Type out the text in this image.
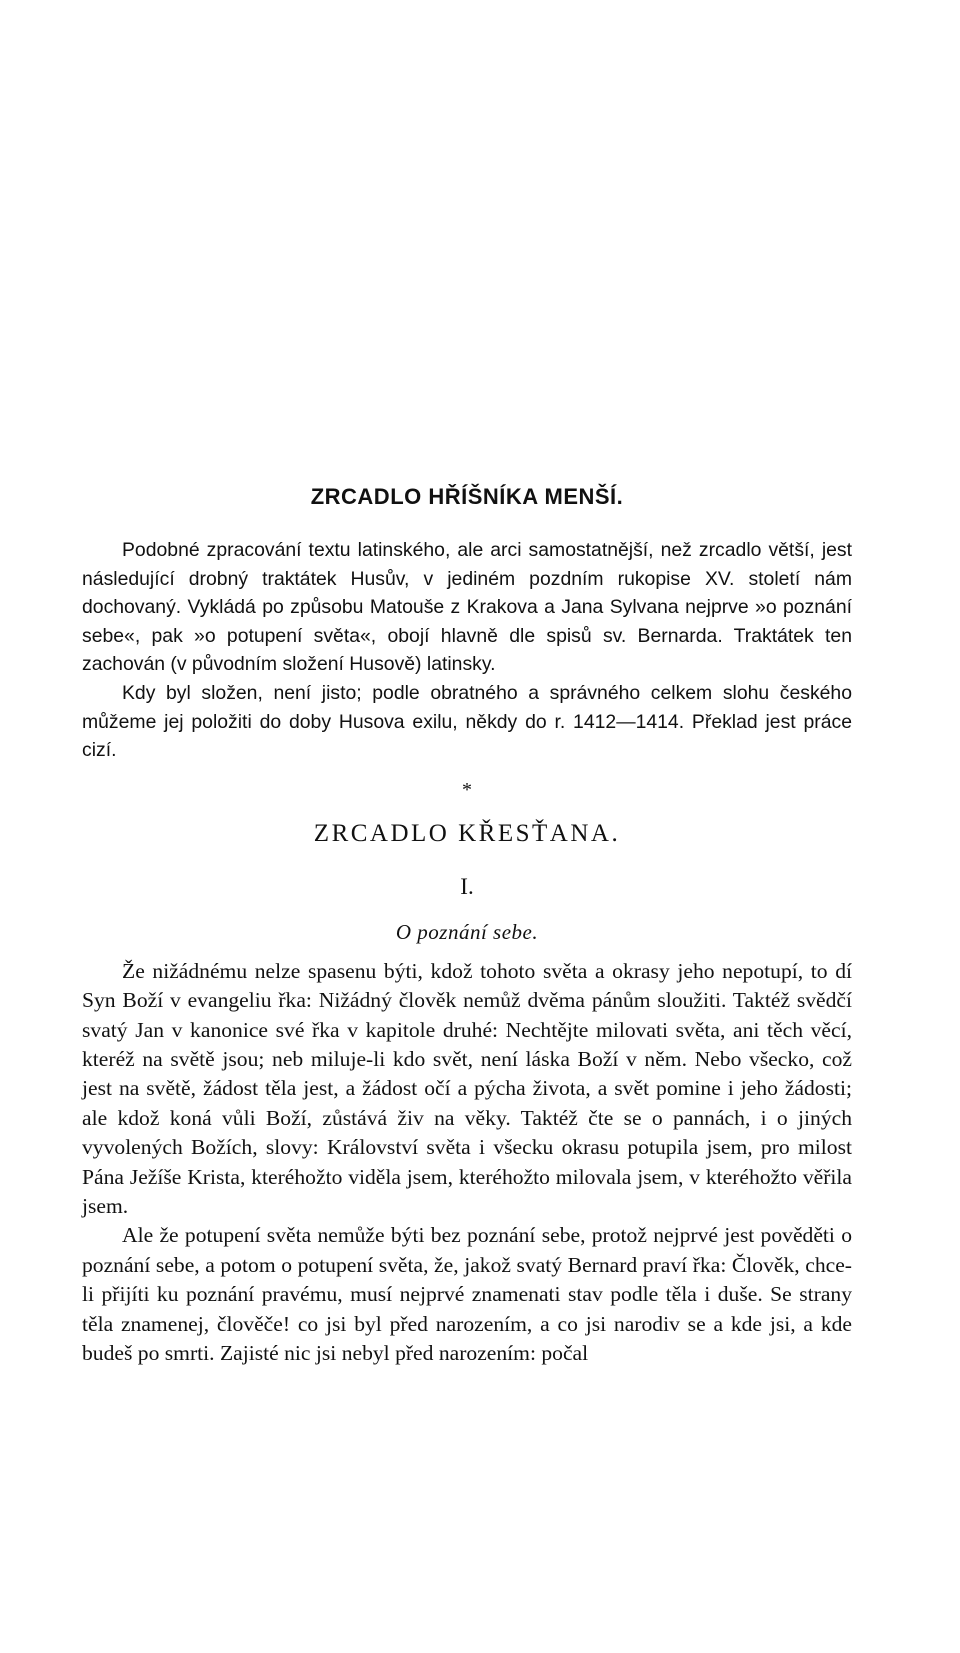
ZRCADLO HŘÍŠNÍKA MENŠÍ.

Podobné zpracování textu latinského, ale arci samostatnější, než zrcadlo větší, jest následující drobný traktátek Husův, v jediném pozdním rukopise XV. století nám dochovaný. Vykládá po způsobu Matouše z Krakova a Jana Sylvana nejprve »o poznání sebe«, pak »o potupení světa«, obojí hlavně dle spisů sv. Bernarda. Traktátek ten zachován (v původním složení Husově) latinsky.

Kdy byl složen, není jisto; podle obratného a správného celkem slohu českého můžeme jej položiti do doby Husova exilu, někdy do r. 1412—1414. Překlad jest práce cizí.

*
ZRCADLO KŘESŤANA.
I.
O poznání sebe.

Že nižádnému nelze spasenu býti, kdož tohoto světa a okrasy jeho nepotupí, to dí Syn Boží v evangeliu řka: Nižádný člověk nemůž dvěma pánům sloužiti. Taktéž svědčí svatý Jan v kanonice své řka v kapitole druhé: Nechtějte milovati světa, ani těch věcí, kteréž na světě jsou; neb miluje-li kdo svět, není láska Boží v něm. Nebo všecko, což jest na světě, žádost těla jest, a žádost očí a pýcha života, a svět pomine i jeho žádosti; ale kdož koná vůli Boží, zůstává živ na věky. Taktéž čte se o pannách, i o jiných vyvolených Božích, slovy: Království světa i všecku okrasu potupila jsem, pro milost Pána Ježíše Krista, kteréhožto viděla jsem, kteréhožto milovala jsem, v kteréhožto věřila jsem.

Ale že potupení světa nemůže býti bez poznání sebe, protož nejprvé jest pověděti o poznání sebe, a potom o potupení světa, že, jakož svatý Bernard praví řka: Člověk, chce-li přijíti ku poznání pravému, musí nejprvé znamenati stav podle těla i duše. Se strany těla znamenej, člověče! co jsi byl před narozením, a co jsi narodiv se a kde jsi, a kde budeš po smrti. Zajisté nic jsi nebyl před narozením: počal
